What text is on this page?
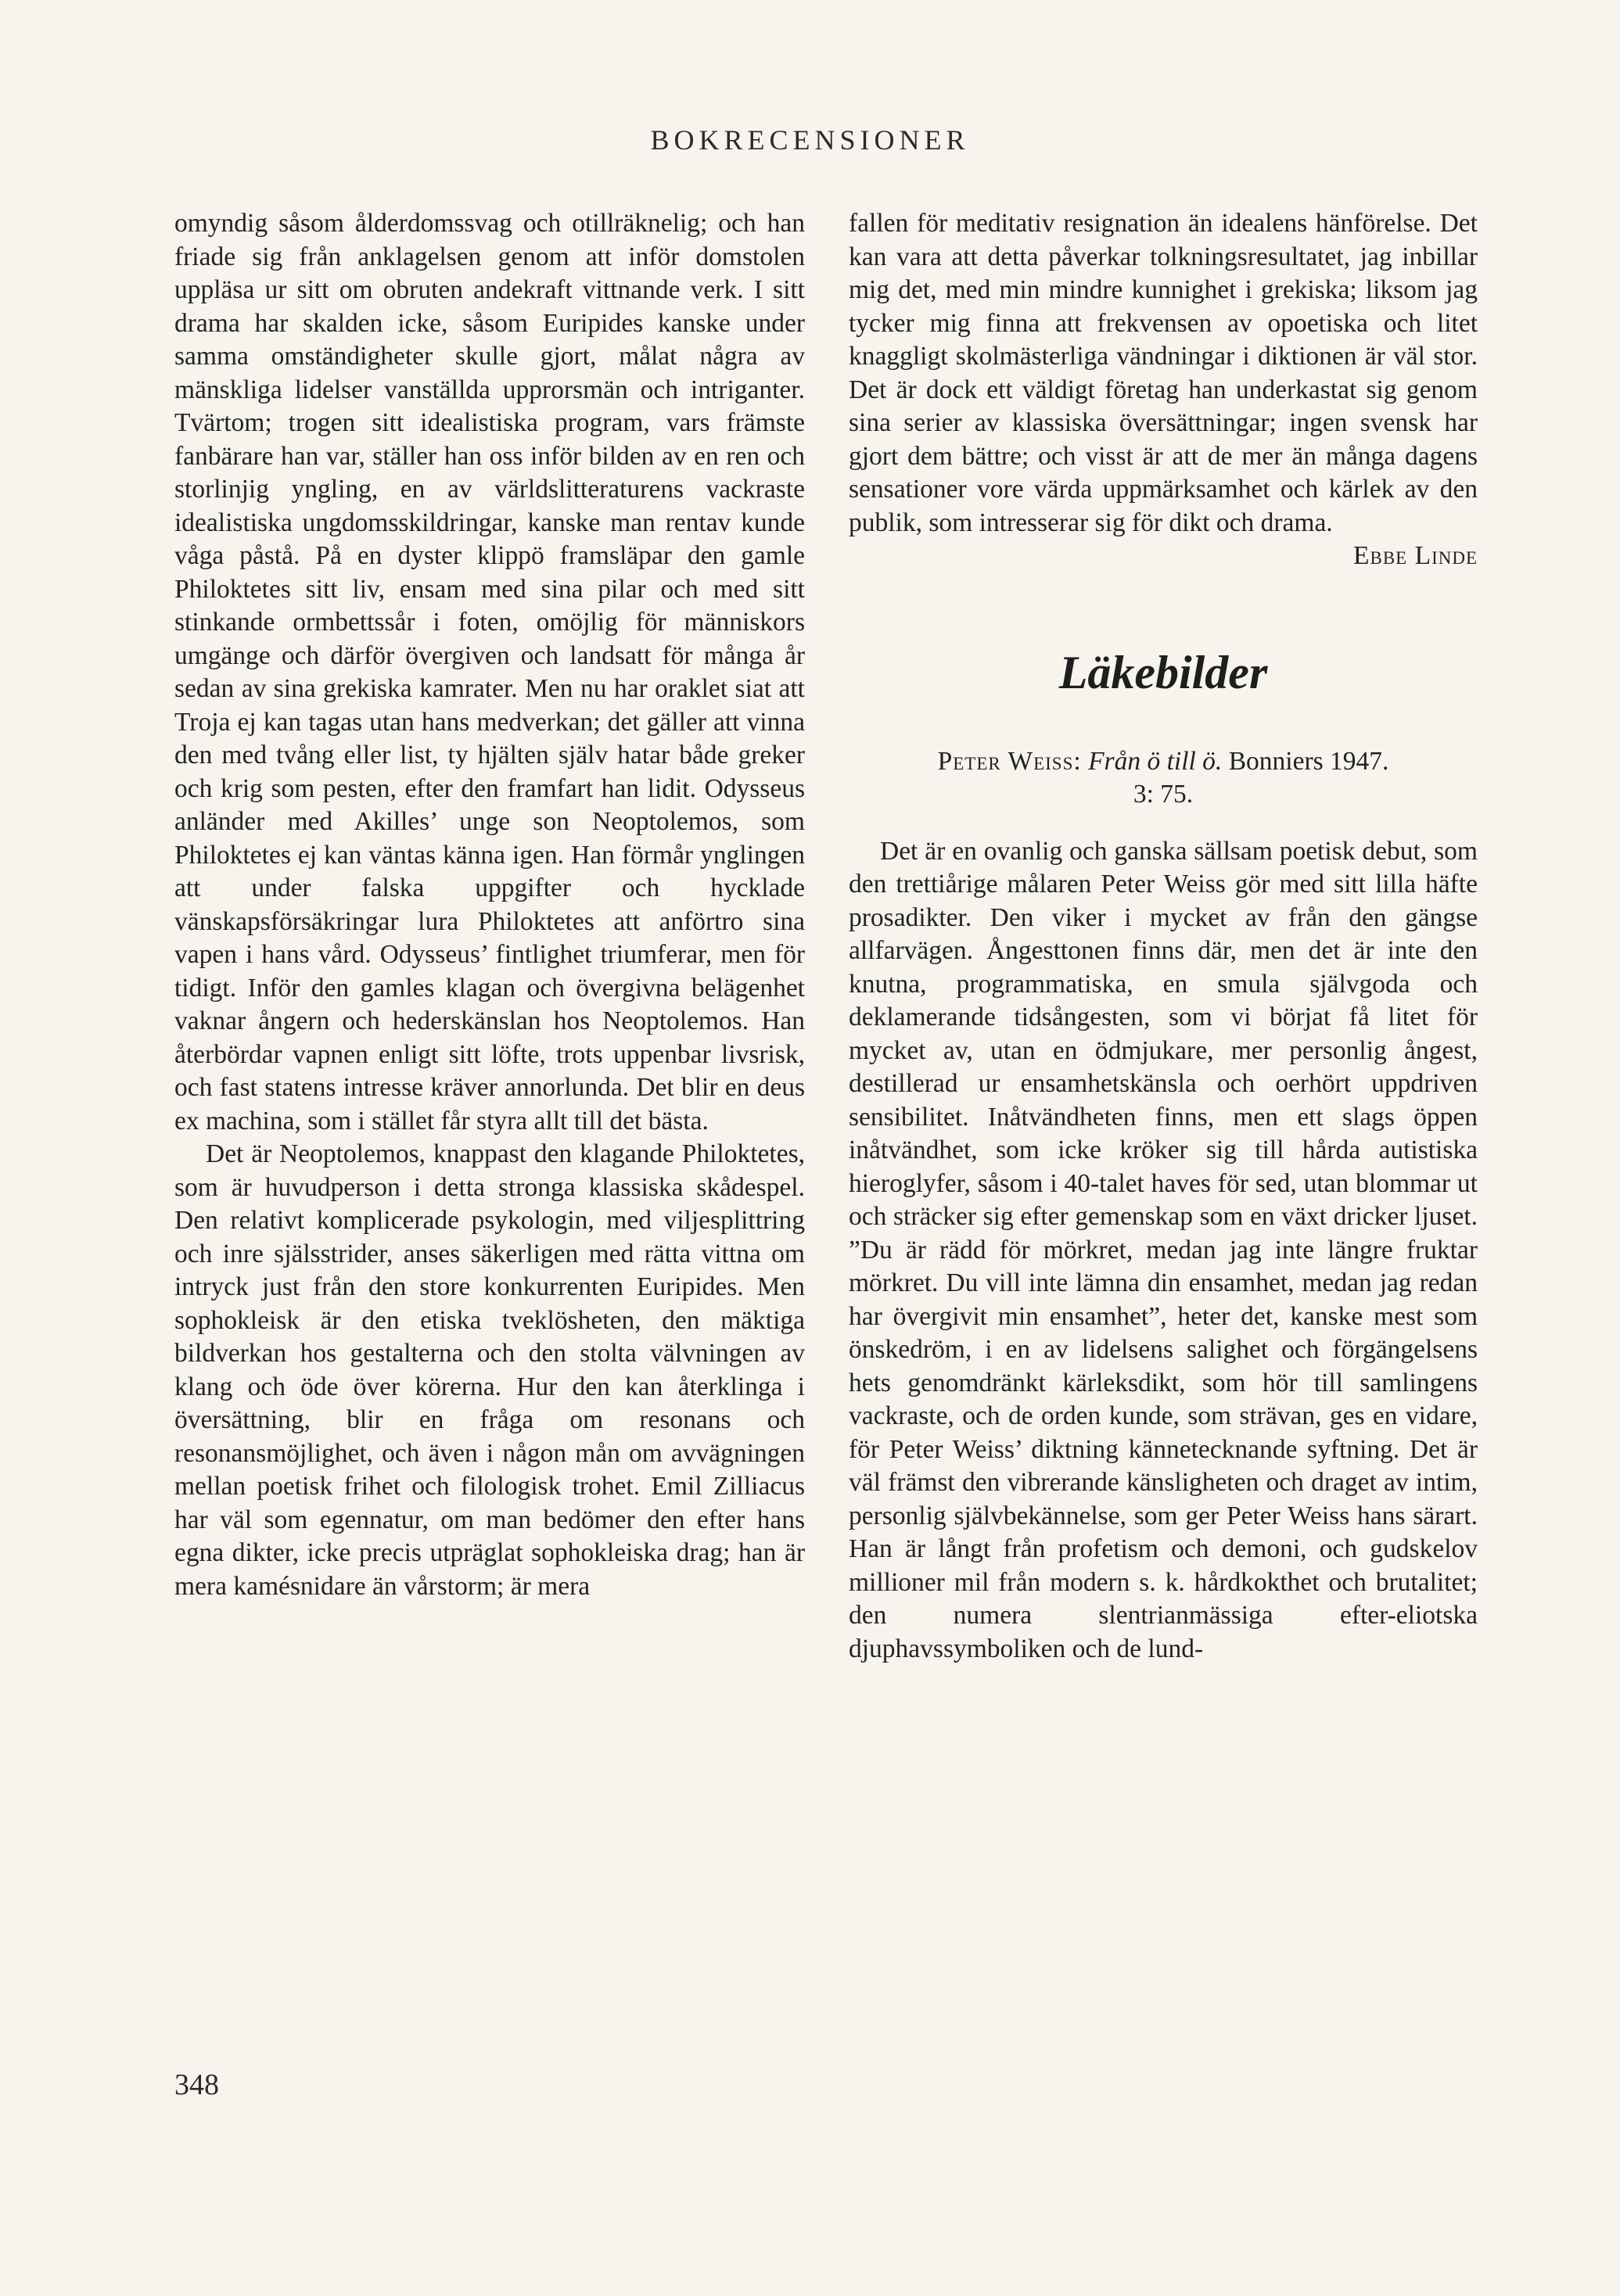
BOKRECENSIONER

omyndig såsom ålderdomssvag och otillräknelig; och han friade sig från anklagelsen genom att inför domstolen uppläsa ur sitt om obruten andekraft vittnande verk. I sitt drama har skalden icke, såsom Euripides kanske under samma omständigheter skulle gjort, målat några av mänskliga lidelser vanställda upprorsmän och intriganter. Tvärtom; trogen sitt idealistiska program, vars främste fanbärare han var, ställer han oss inför bilden av en ren och storlinjig yngling, en av världslitteraturens vackraste idealistiska ungdomsskildringar, kanske man rentav kunde våga påstå. På en dyster klippö framsläpar den gamle Philoktetes sitt liv, ensam med sina pilar och med sitt stinkande ormbettssår i foten, omöjlig för människors umgänge och därför övergiven och landsatt för många år sedan av sina grekiska kamrater. Men nu har oraklet siat att Troja ej kan tagas utan hans medverkan; det gäller att vinna den med tvång eller list, ty hjälten själv hatar både greker och krig som pesten, efter den framfart han lidit. Odysseus anländer med Akilles’ unge son Neoptolemos, som Philoktetes ej kan väntas känna igen. Han förmår ynglingen att under falska uppgifter och hycklade vänskapsförsäkringar lura Philoktetes att anförtro sina vapen i hans vård. Odysseus’ fintlighet triumferar, men för tidigt. Inför den gamles klagan och övergivna belägenhet vaknar ångern och hederskänslan hos Neoptolemos. Han återbördar vapnen enligt sitt löfte, trots uppenbar livsrisk, och fast statens intresse kräver annorlunda. Det blir en deus ex machina, som i stället får styra allt till det bästa.

Det är Neoptolemos, knappast den klagande Philoktetes, som är huvudperson i detta stronga klassiska skådespel. Den relativt komplicerade psykologin, med viljesplittring och inre själsstrider, anses säkerligen med rätta vittna om intryck just från den store konkurrenten Euripides. Men sophokleisk är den etiska tveklösheten, den mäktiga bildverkan hos gestalterna och den stolta välvningen av klang och öde över körerna. Hur den kan återklinga i översättning, blir en fråga om resonans och resonansmöjlighet, och även i någon mån om avvägningen mellan poetisk frihet och filologisk trohet. Emil Zilliacus har väl som egennatur, om man bedömer den efter hans egna dikter, icke precis utpräglat sophokleiska drag; han är mera kamésnidare än vårstorm; är mera

fallen för meditativ resignation än idealens hänförelse. Det kan vara att detta påverkar tolkningsresultatet, jag inbillar mig det, med min mindre kunnighet i grekiska; liksom jag tycker mig finna att frekvensen av opoetiska och litet knaggligt skolmästerliga vändningar i diktionen är väl stor. Det är dock ett väldigt företag han underkastat sig genom sina serier av klassiska översättningar; ingen svensk har gjort dem bättre; och visst är att de mer än många dagens sensationer vore värda uppmärksamhet och kärlek av den publik, som intresserar sig för dikt och drama.

Ebbe Linde

Läkebilder
Peter Weiss: Från ö till ö. Bonniers 1947.
3: 75.

Det är en ovanlig och ganska sällsam poetisk debut, som den trettiårige målaren Peter Weiss gör med sitt lilla häfte prosadikter. Den viker i mycket av från den gängse allfarvägen. Ångesttonen finns där, men det är inte den knutna, programmatiska, en smula självgoda och deklamerande tidsångesten, som vi börjat få litet för mycket av, utan en ödmjukare, mer personlig ångest, destillerad ur ensamhetskänsla och oerhört uppdriven sensibilitet. Inåtvändheten finns, men ett slags öppen inåtvändhet, som icke kröker sig till hårda autistiska hieroglyfer, såsom i 40-talet haves för sed, utan blommar ut och sträcker sig efter gemenskap som en växt dricker ljuset. ”Du är rädd för mörkret, medan jag inte längre fruktar mörkret. Du vill inte lämna din ensamhet, medan jag redan har övergivit min ensamhet”, heter det, kanske mest som önskedröm, i en av lidelsens salighet och förgängelsens hets genomdränkt kärleksdikt, som hör till samlingens vackraste, och de orden kunde, som strävan, ges en vidare, för Peter Weiss’ diktning kännetecknande syftning. Det är väl främst den vibrerande känsligheten och draget av intim, personlig självbekännelse, som ger Peter Weiss hans särart. Han är långt från profetism och demoni, och gudskelov millioner mil från modern s. k. hårdkokthet och brutalitet; den numera slentrianmässiga efter-eliotska djuphavssymboliken och de lund-

348
